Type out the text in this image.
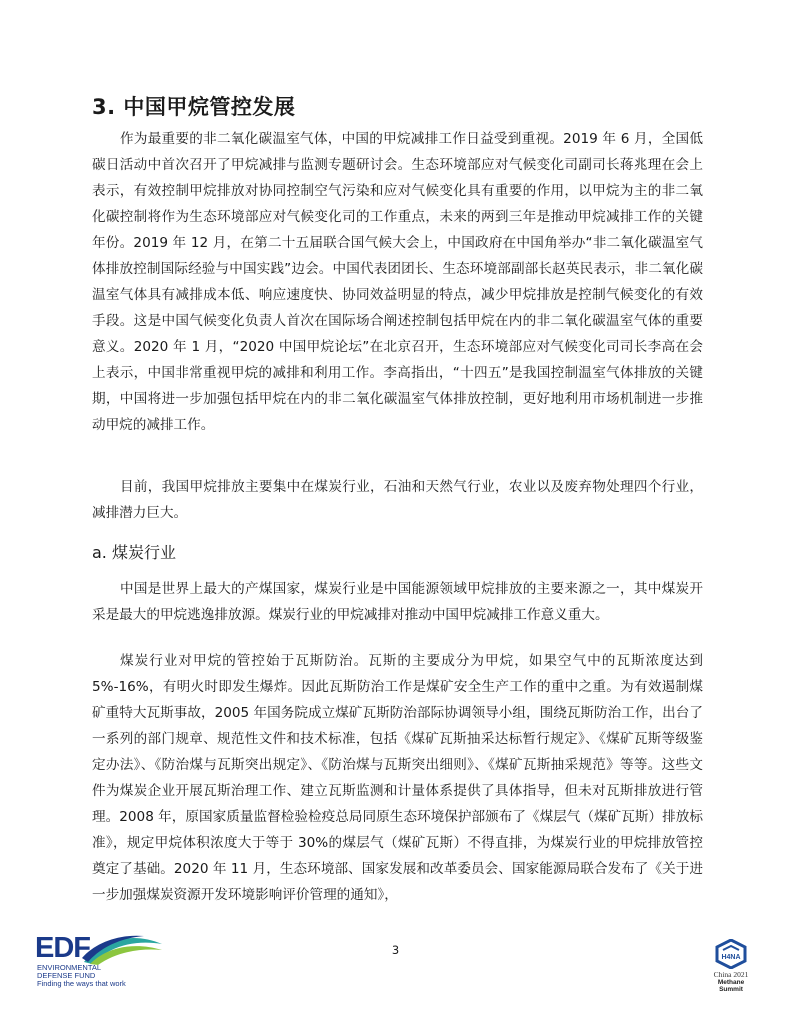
3. 中国甲烷管控发展

作为最重要的非二氧化碳温室气体，中国的甲烷减排工作日益受到重视。2019 年 6 月，全国低碳日活动中首次召开了甲烷减排与监测专题研讨会。生态环境部应对气候变化司副司长蒋兆理在会上表示，有效控制甲烷排放对协同控制空气污染和应对气候变化具有重要的作用，以甲烷为主的非二氧化碳控制将作为生态环境部应对气候变化司的工作重点，未来的两到三年是推动甲烷减排工作的关键年份。2019 年 12 月，在第二十五届联合国气候大会上，中国政府在中国角举办“非二氧化碳温室气体排放控制国际经验与中国实践”边会。中国代表团团长、生态环境部副部长赵英民表示，非二氧化碳温室气体具有减排成本低、响应速度快、协同效益明显的特点，减少甲烷排放是控制气候变化的有效手段。这是中国气候变化负责人首次在国际场合阐述控制包括甲烷在内的非二氧化碳温室气体的重要意义。2020 年 1 月，“2020 中国甲烷论坛”在北京召开，生态环境部应对气候变化司司长李高在会上表示，中国非常重视甲烷的减排和利用工作。李高指出，“十四五”是我国控制温室气体排放的关键期，中国将进一步加强包括甲烷在内的非二氧化碳温室气体排放控制，更好地利用市场机制进一步推动甲烷的减排工作。

目前，我国甲烷排放主要集中在煤炭行业，石油和天然气行业，农业以及废弃物处理四个行业，减排潜力巨大。

a. 煤炭行业

中国是世界上最大的产煤国家，煤炭行业是中国能源领域甲烷排放的主要来源之一，其中煤炭开采是最大的甲烷逃逸排放源。煤炭行业的甲烷减排对推动中国甲烷减排工作意义重大。

煤炭行业对甲烷的管控始于瓦斯防治。瓦斯的主要成分为甲烷，如果空气中的瓦斯浓度达到 5%-16%，有明火时即发生爆炸。因此瓦斯防治工作是煤矿安全生产工作的重中之重。为有效遏制煤矿重特大瓦斯事故，2005 年国务院成立煤矿瓦斯防治部际协调领导小组，围绕瓦斯防治工作，出台了一系列的部门规章、规范性文件和技术标准，包括《煤矿瓦斯抽采达标暂行规定》、《煤矿瓦斯等级鉴定办法》、《防治煤与瓦斯突出规定》、《防治煤与瓦斯突出细则》、《煤矿瓦斯抽采规范》等等。这些文件为煤炭企业开展瓦斯治理工作、建立瓦斯监测和计量体系提供了具体指导，但未对瓦斯排放进行管理。2008 年，原国家质量监督检验检疫总局同原生态环境保护部颁布了《煤层气（煤矿瓦斯）排放标准》，规定甲烷体积浓度大于等于 30%的煤层气（煤矿瓦斯）不得直排，为煤炭行业的甲烷排放管控奠定了基础。2020 年 11 月，生态环境部、国家发展和改革委员会、国家能源局联合发布了《关于进一步加强煤炭资源开发环境影响评价管理的通知》，

3
EDF
ENVIRONMENTAL
DEFENSE FUND
Finding the ways that work
H4NA
China 2021
Methane Summit
